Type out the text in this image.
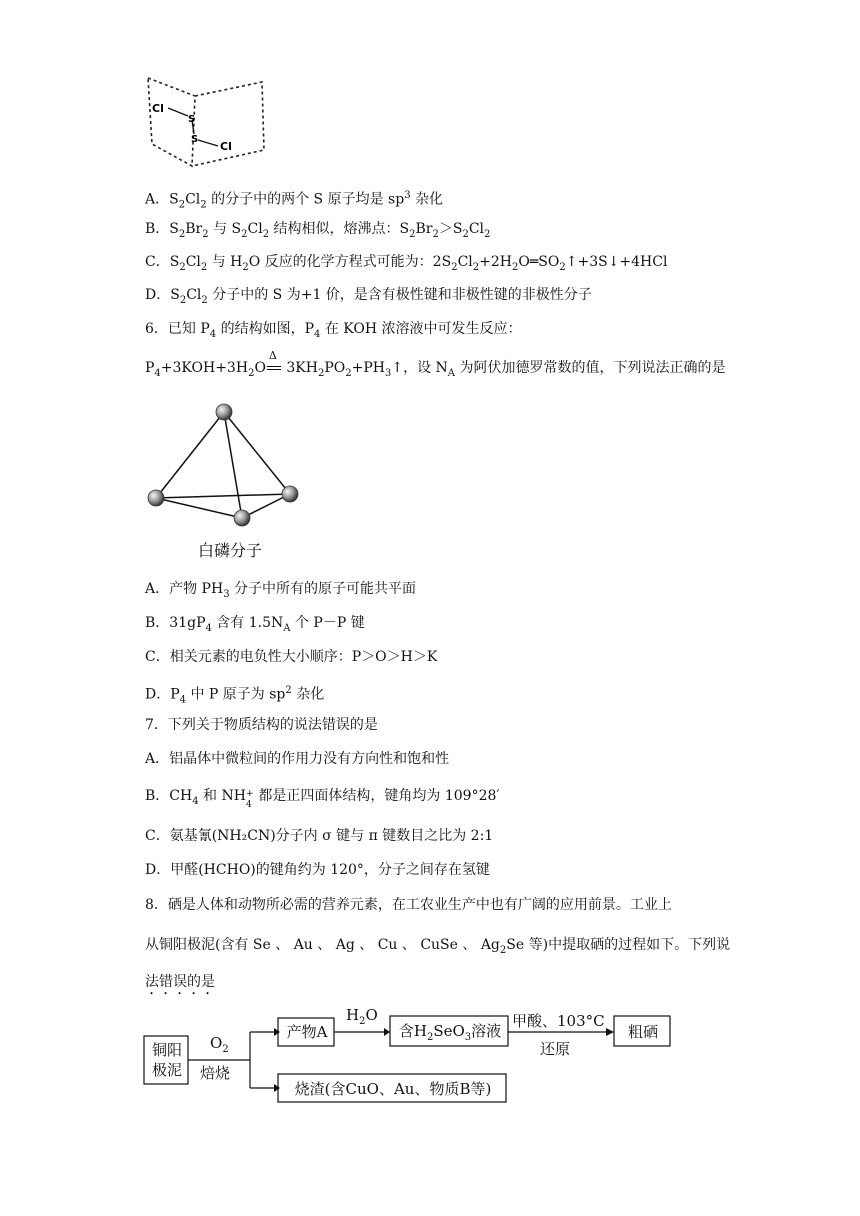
Cl
S
S
Cl
A．$S_2Cl_2$ 的分子中的两个 S 原子均是 $sp^3$ 杂化
B．$S_2Br_2$ 与 $S_2Cl_2$ 结构相似，熔沸点：$S_2Br_2>S_2Cl_2$
C．$S_2Cl_2$ 与 $H_2O$ 反应的化学方程式可能为：$2S_2Cl_2+2H_2O═SO_2↑+3S↓+4HCl$
D．$S_2Cl_2$ 分子中的 S 为+1 价，是含有极性键和非极性键的非极性分子
6．已知 $P_4$ 的结构如图，$P_4$ 在 KOH 浓溶液中可发生反应：
$P_4+3KOH+3H_2O$
Δ
$3KH_2PO_2+PH_3↑$，设 $N_A$ 为阿伏加德罗常数的值，下列说法正确的是
白磷分子
A．产物 $PH_3$ 分子中所有的原子可能共平面
B．$31gP_4$ 含有 $1.5N_A$ 个 P－P 键
C．相关元素的电负性大小顺序：P＞O＞H＞K
D．$P_4$ 中 P 原子为 $sp^2$ 杂化
7．下列关于物质结构的说法错误的是
A．铝晶体中微粒间的作用力没有方向性和饱和性
B．$CH_4$ 和 NH +
4
都是正四面体结构，键角均为 109°28′
C．氨基氰(NH₂CN)分子内 σ 键与 π 键数目之比为 2:1
D．甲醛(HCHO)的键角约为 120°，分子之间存在氢键
8．硒是人体和动物所必需的营养元素，在工农业生产中也有广阔的应用前景。工业上
从铜阳极泥(含有 Se 、 Au 、 Ag 、 Cu 、 CuSe 、 $Ag_2Se$ 等)中提取硒的过程如下。下列说
法错误的是
铜阳
极泥
$O_2$
焙烧
产物A
$H_2O$
含$H_2SeO_3$溶液
甲酸、103°C
还原
粗硒
烧渣(含CuO、Au、物质B等)
